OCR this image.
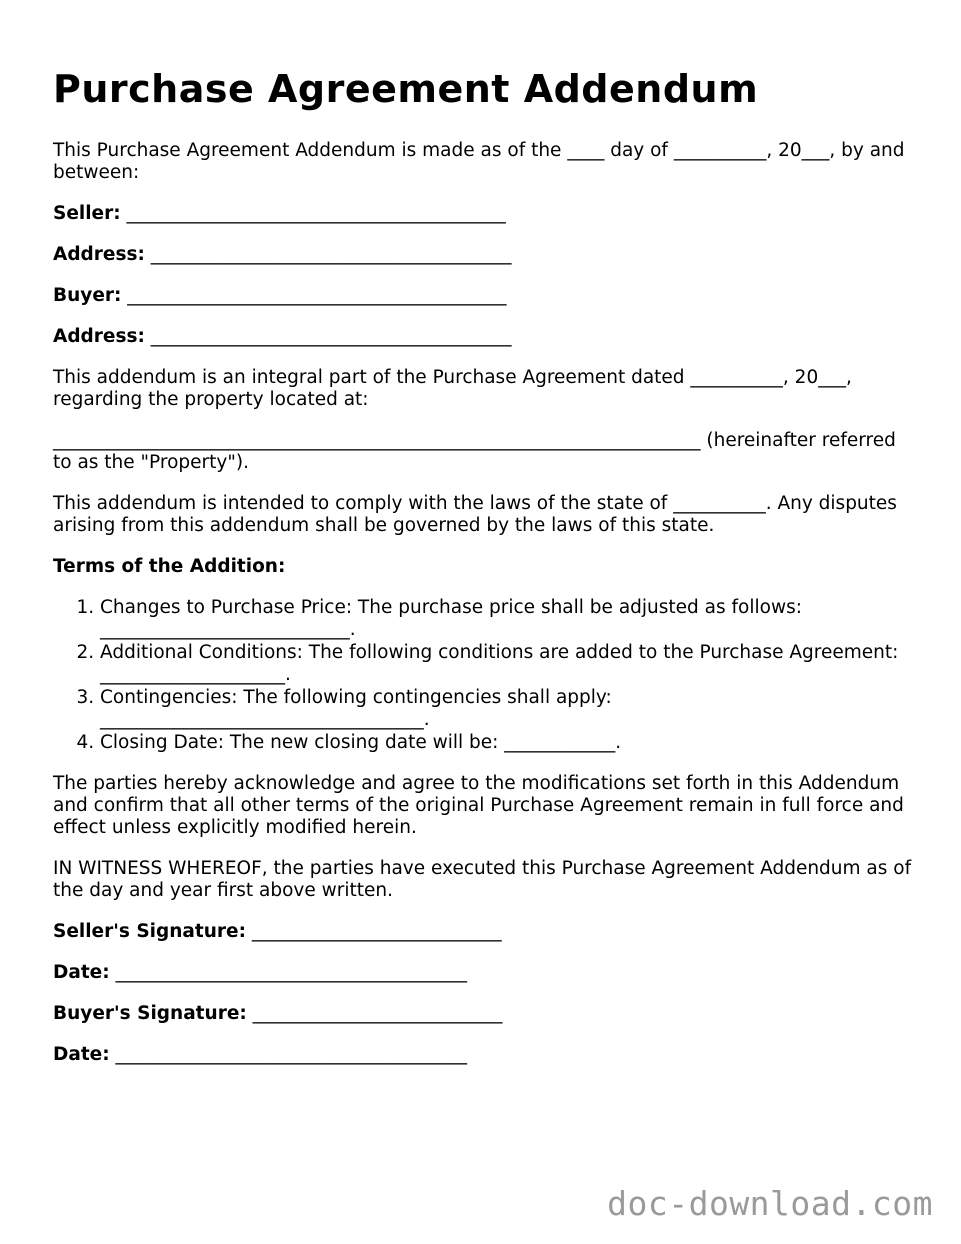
Purchase Agreement Addendum

This Purchase Agreement Addendum is made as of the ____ day of __________, 20___, by and between:

Seller: _________________________________________
Address: _______________________________________
Buyer: _________________________________________
Address: _______________________________________

This addendum is an integral part of the Purchase Agreement dated __________, 20___, regarding the property located at:

______________________________________________________________________ (hereinafter referred to as the "Property").

This addendum is intended to comply with the laws of the state of __________. Any disputes arising from this addendum shall be governed by the laws of this state.

Terms of the Addition:

1. Changes to Purchase Price: The purchase price shall be adjusted as follows: ___________________________.
2. Additional Conditions: The following conditions are added to the Purchase Agreement: ____________________.
3. Contingencies: The following contingencies shall apply: ___________________________________.
4. Closing Date: The new closing date will be: ____________.

The parties hereby acknowledge and agree to the modifications set forth in this Addendum and confirm that all other terms of the original Purchase Agreement remain in full force and effect unless explicitly modified herein.

IN WITNESS WHEREOF, the parties have executed this Purchase Agreement Addendum as of the day and year first above written.

Seller's Signature: ___________________________
Date: ______________________________________
Buyer's Signature: ___________________________
Date: ______________________________________
doc-download.com
